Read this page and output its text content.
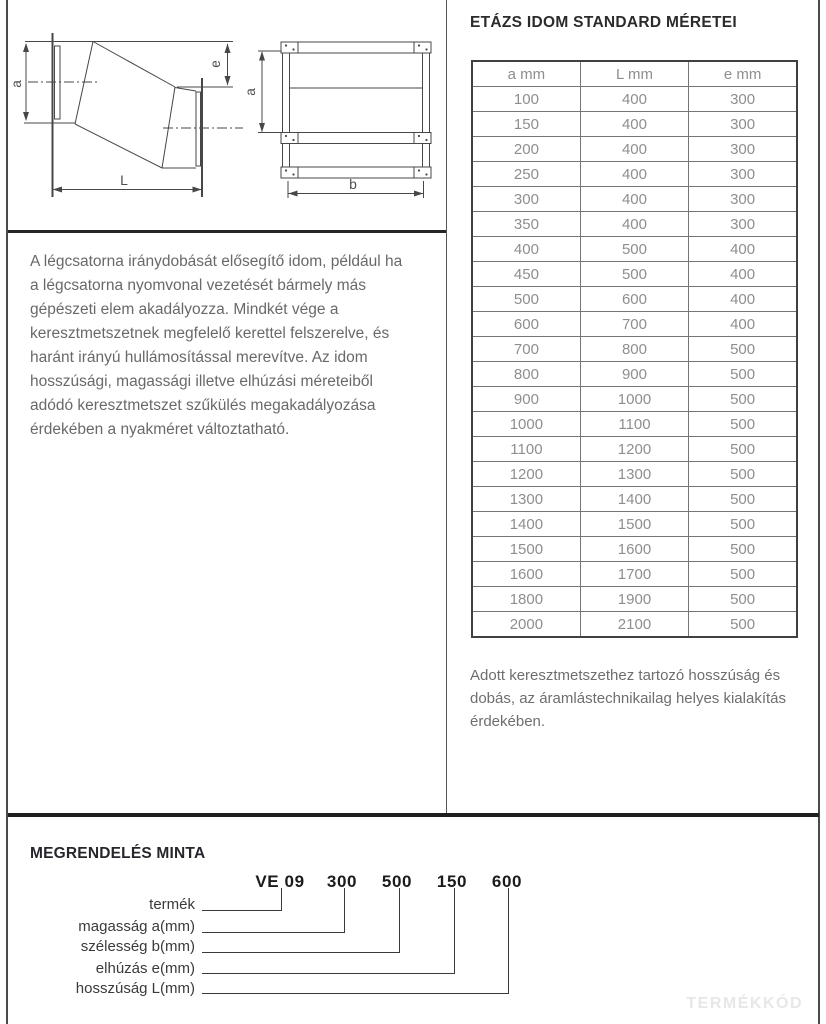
a
e
L
a
b

A légcsatorna iránydobását elősegítő idom, például ha a légcsatorna nyomvonal vezetését bármely más gépészeti elem akadályozza. Mindkét vége a keresztmetszetnek megfelelő kerettel felszerelve, és haránt irányú hullámosítással merevítve. Az idom hosszúsági, magassági illetve elhúzási méreteiből adódó keresztmetszet szűkülés megakadályozása érdekében a nyakméret változtatható.

ETÁZS IDOM STANDARD MÉRETEI
a mm	L mm	e mm
100	400	300
150	400	300
200	400	300
250	400	300
300	400	300
350	400	300
400	500	400
450	500	400
500	600	400
600	700	400
700	800	500
800	900	500
900	1000	500
1000	1100	500
1100	1200	500
1200	1300	500
1300	1400	500
1400	1500	500
1500	1600	500
1600	1700	500
1800	1900	500
2000	2100	500

Adott keresztmetszethez tartozó hosszúság és dobás, az áramlástechnikailag helyes kialakítás érdekében.

MEGRENDELÉS MINTA
VE 09 300 500 150 600
termék
magasság a(mm)
szélesség b(mm)
elhúzás e(mm)
hosszúság L(mm)
TERMÉKKÓD
